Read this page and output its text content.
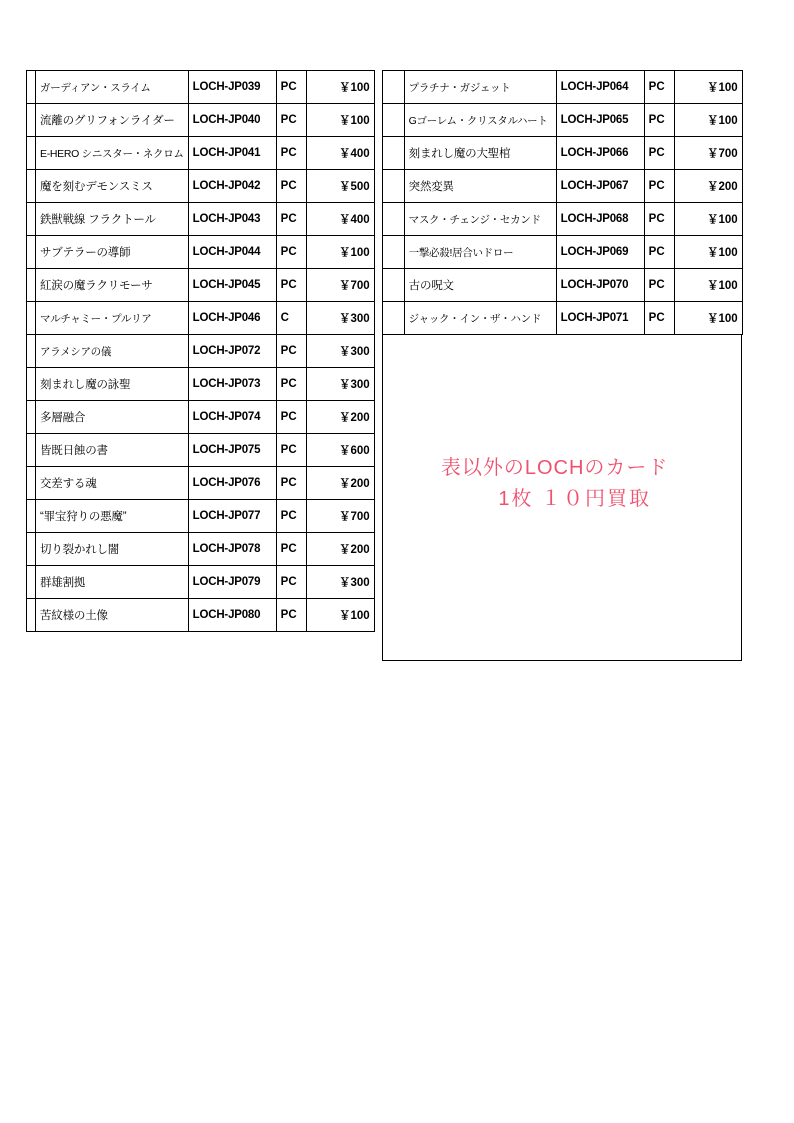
	ガーディアン・スライム	LOCH-JP039	PC	￥100
	流離のグリフォンライダー	LOCH-JP040	PC	￥100
	E-HERO シニスター・ネクロム	LOCH-JP041	PC	￥400
	魔を刻むデモンスミス	LOCH-JP042	PC	￥500
	鉄獣戦線 フラクトール	LOCH-JP043	PC	￥400
	サブテラーの導師	LOCH-JP044	PC	￥100
	紅涙の魔ラクリモーサ	LOCH-JP045	PC	￥700
	マルチャミー・プルリア	LOCH-JP046	C	￥300
	アラメシアの儀	LOCH-JP072	PC	￥300
	刻まれし魔の詠聖	LOCH-JP073	PC	￥300
	多層融合	LOCH-JP074	PC	￥200
	皆既日蝕の書	LOCH-JP075	PC	￥600
	交差する魂	LOCH-JP076	PC	￥200
	“罪宝狩りの悪魔”	LOCH-JP077	PC	￥700
	切り裂かれし闇	LOCH-JP078	PC	￥200
	群雄割拠	LOCH-JP079	PC	￥300
	苦紋様の土像	LOCH-JP080	PC	￥100
	プラチナ・ガジェット	LOCH-JP064	PC	￥100
	Gゴーレム・クリスタルハート	LOCH-JP065	PC	￥100
	刻まれし魔の大聖棺	LOCH-JP066	PC	￥700
	突然変異	LOCH-JP067	PC	￥200
	マスク・チェンジ・セカンド	LOCH-JP068	PC	￥100
	一撃必殺!居合いドロー	LOCH-JP069	PC	￥100
	古の呪文	LOCH-JP070	PC	￥100
	ジャック・イン・ザ・ハンド	LOCH-JP071	PC	￥100
表以外のLOCHのカード
1枚 １０円買取
